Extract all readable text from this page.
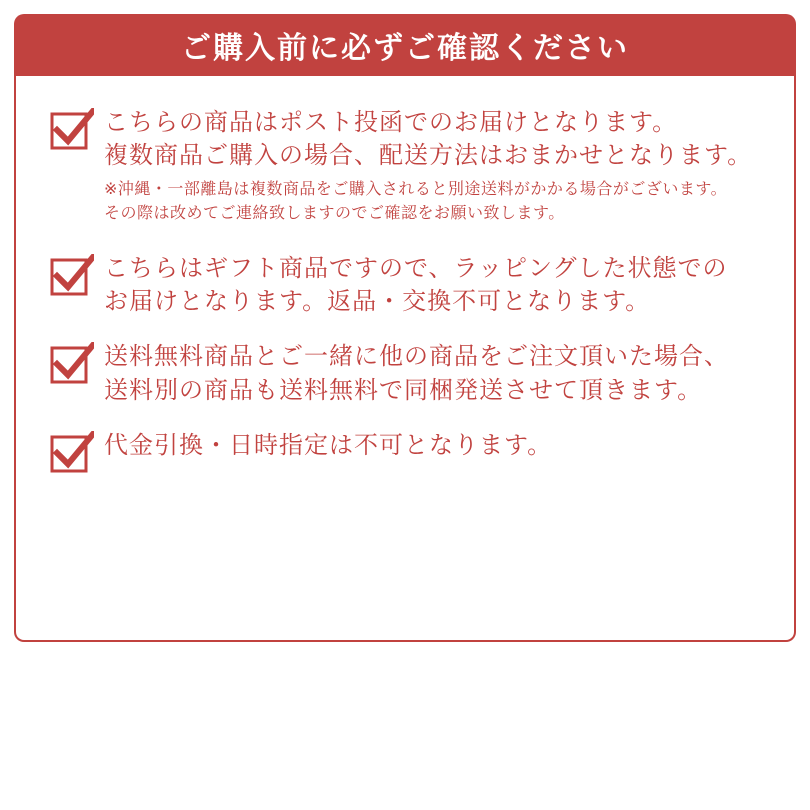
ご購入前に必ずご確認ください
こちらの商品はポスト投函でのお届けとなります。
複数商品ご購入の場合、配送方法はおまかせとなります。
※沖縄・一部離島は複数商品をご購入されると別途送料がかかる場合がございます。
その際は改めてご連絡致しますのでご確認をお願い致します。
こちらはギフト商品ですので、ラッピングした状態での
お届けとなります。返品・交換不可となります。
送料無料商品とご一緒に他の商品をご注文頂いた場合、
送料別の商品も送料無料で同梱発送させて頂きます。
代金引換・日時指定は不可となります。
